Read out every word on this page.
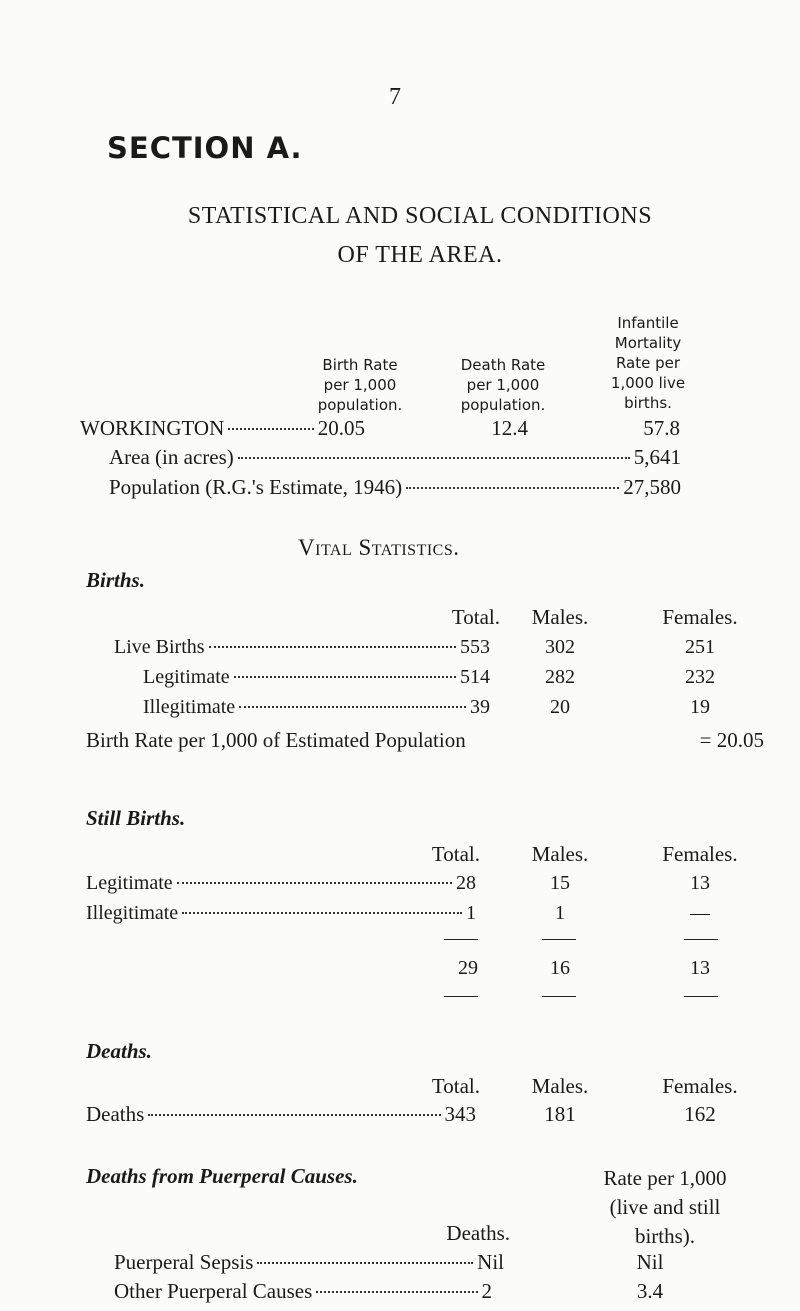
7
SECTION A.
STATISTICAL AND SOCIAL CONDITIONS
OF THE AREA.
Birth Rate
per 1,000
population.
Death Rate
per 1,000
population.
Infantile
Mortality
Rate per
1,000 live
births.
WORKINGTON	20.05	12.4	57.8
Area (in acres)	5,641
Population (R.G.'s Estimate, 1946)	27,580
Vital Statistics.
Births.
Total.	Males.	Females.
Live Births	553	302	251
Legitimate	514	282	232
Illegitimate	39	20	19
Birth Rate per 1,000 of Estimated Population	= 20.05
Still Births.
Total.	Males.	Females.
Legitimate	28	15	13
Illegitimate	1	1	—
29	16	13
Deaths.
Total.	Males.	Females.
Deaths	343	181	162
Deaths from Puerperal Causes.	Rate per 1,000
(live and still
births).
Deaths.
Puerperal Sepsis	Nil	Nil
Other Puerperal Causes	2	3.4
